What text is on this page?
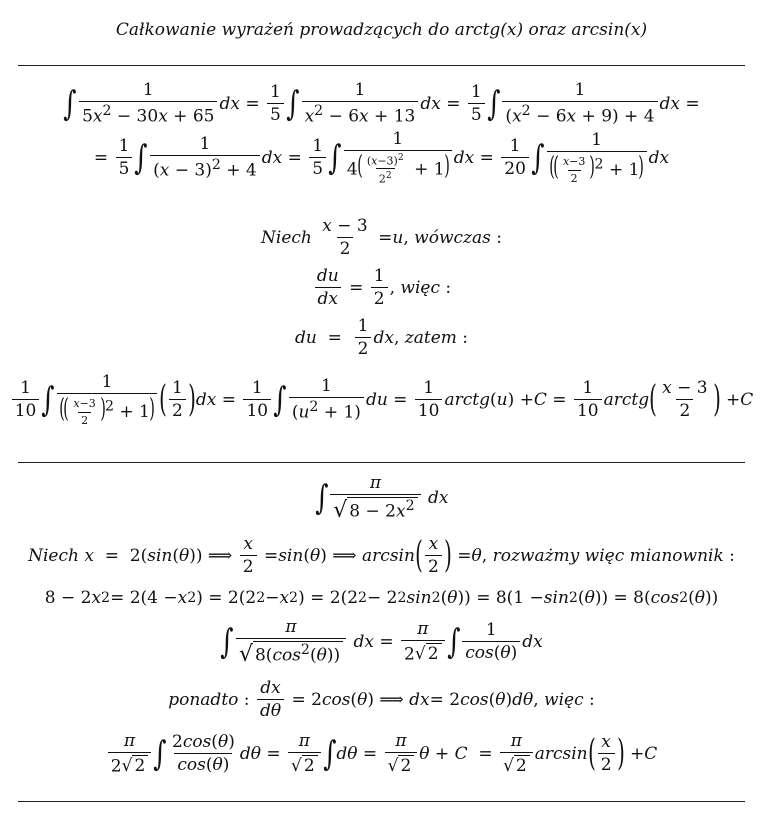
Całkowanie wyrażeń prowadzących do arctg(x) oraz arcsin(x)
∫	1
$5x^2 - 30x + 65$
dx =
1
5 ∫	1
$x^2 - 6x + 13$
dx =
1
5 ∫	1
$(x^2 - 6x + 9) + 4$
dx =
=
1
5 ∫	1
$(x - 3)^2 + 4$
dx =
1
5 ∫	1
$4( \frac{(x-3)^2}{2^2} + 1)$ dx =
1
20 ∫	1
(( $\frac{x-3}{2} )^2 + 1$) dx
Niech

x − 3
2
= u , wówczas :
du
dx
=
1
2
, więc :
du =
1
2
dx , zatem :
1
10 ∫	1
(( $\frac{x-3}{2} )^2 + 1$) ( 1
2 ) dx =
1
10 ∫ 1
$(u^2 + 1)$
du =
1
10
arctg ( u ) + C =
1
10
arctg ( x − 3
2 ) + C
∫ π
√ $8 - 2x^2$
dx
Niech
x =  2( sin ( θ )) ⟹
x
2
= sin ( θ ) ⟹ arcsin ( x
2 ) = θ , rozważmy więc mianownik :
8 − 2 x 2 = 2(4 − x 2 ) = 2(2 2 − x 2 ) = 2(2 2 − 2 2 sin 2 ( θ )) = 8(1 − sin 2 ( θ )) = 8( cos 2 ( θ ))
∫	π
√ $8(\cos^2(\theta))$

dx =
π
2 √ 2 ∫ 1
cos(θ)
dx
ponadto :
dx
dθ
= 2 cos ( θ ) ⟹ dx = 2 cos ( θ ) dθ , więc :
π
2 √ 2 ∫ 2cos(θ)
cos(θ)
dθ =
π
√ 2 ∫ dθ =
π
√ 2
θ + C =
π
√ 2
arcsin ( x
2 ) + C
